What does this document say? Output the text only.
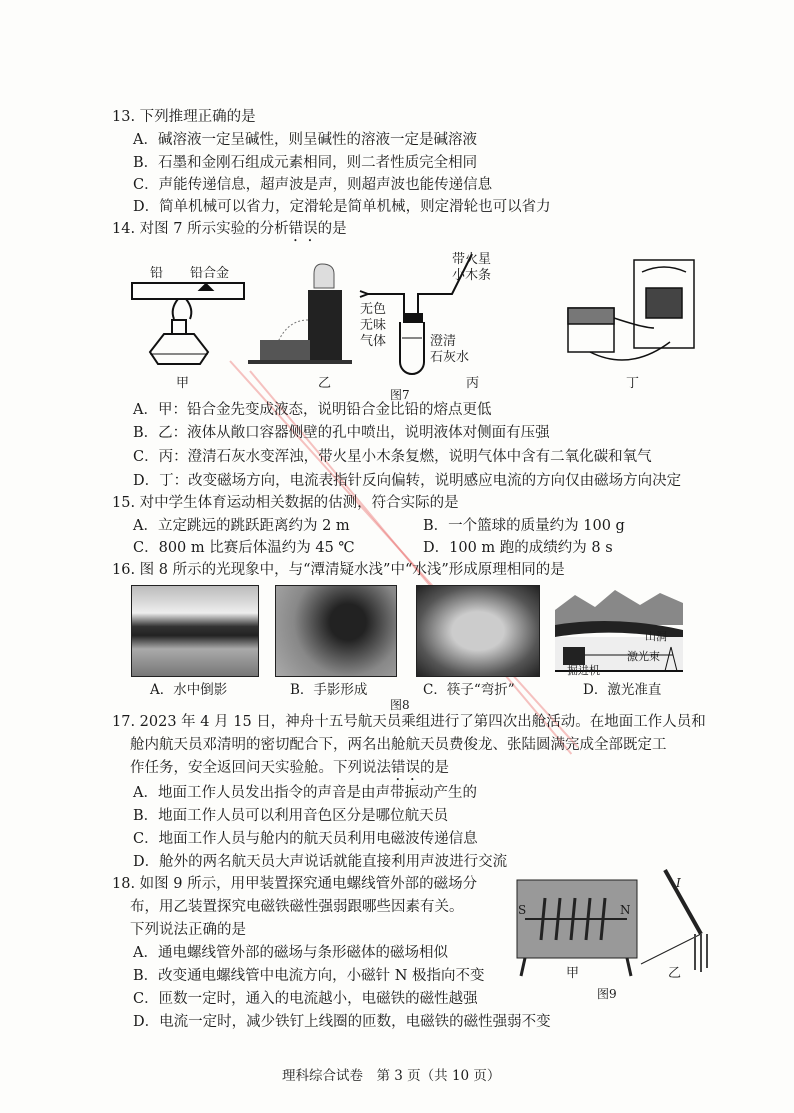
13. 下列推理正确的是
A．碱溶液一定呈碱性，则呈碱性的溶液一定是碱溶液
B．石墨和金刚石组成元素相同，则二者性质完全相同
C．声能传递信息，超声波是声，则超声波也能传递信息
D．简单机械可以省力，定滑轮是简单机械，则定滑轮也可以省力
14. 对图 7 所示实验的分析错误的是
铅 铅合金
带火星
小木条
无色
无味
气体	澄清
石灰水
甲	乙	丙	丁
图7
A．甲：铅合金先变成液态，说明铅合金比铅的熔点更低
B．乙：液体从敞口容器侧壁的孔中喷出，说明液体对侧面有压强
C．丙：澄清石灰水变浑浊，带火星小木条复燃，说明气体中含有二氧化碳和氧气
D．丁：改变磁场方向，电流表指针反向偏转，说明感应电流的方向仅由磁场方向决定
15. 对中学生体育运动相关数据的估测，符合实际的是
A．立定跳远的跳跃距离约为 2 m	B．一个篮球的质量约为 100 g
C．800 m 比赛后体温约为 45 ℃	D．100 m 跑的成绩约为 8 s
16. 图 8 所示的光现象中，与“潭清疑水浅”中“水浅”形成原理相同的是
山洞
激光束
掘进机
A．水中倒影	B．手影形成	C．筷子“弯折”	D．激光准直
图8
17. 2023 年 4 月 15 日，神舟十五号航天员乘组进行了第四次出舱活动。在地面工作人员和
舱内航天员邓清明的密切配合下，两名出舱航天员费俊龙、张陆圆满完成全部既定工
作任务，安全返回问天实验舱。下列说法错误的是
A．地面工作人员发出指令的声音是由声带振动产生的
B．地面工作人员可以利用音色区分是哪位航天员
C．地面工作人员与舱内的航天员利用电磁波传递信息
D．舱外的两名航天员大声说话就能直接利用声波进行交流
18. 如图 9 所示，用甲装置探究通电螺线管外部的磁场分
布，用乙装置探究电磁铁磁性强弱跟哪些因素有关。
下列说法正确的是
A．通电螺线管外部的磁场与条形磁体的磁场相似
B．改变通电螺线管中电流方向，小磁针 N 极指向不变
C．匝数一定时，通入的电流越小，电磁铁的磁性越强
D．电流一定时，减少铁钉上线圈的匝数，电磁铁的磁性强弱不变
S	N
I
甲	乙
图9
理科综合试卷　第 3 页（共 10 页）
